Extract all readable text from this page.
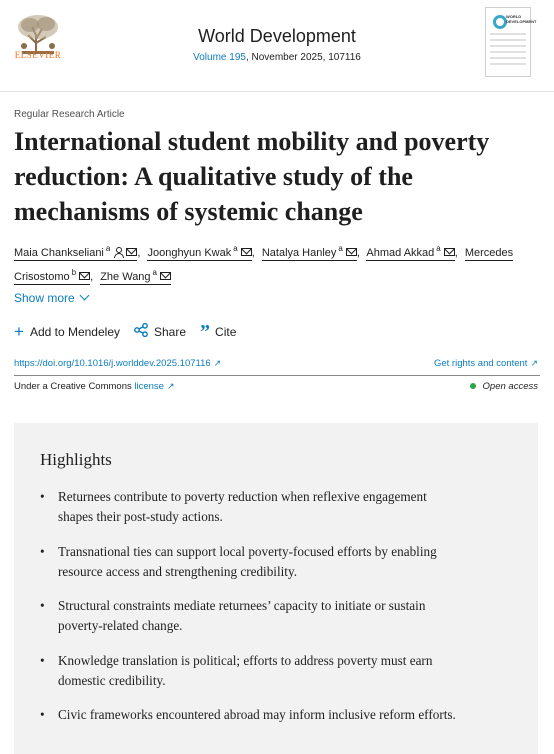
ELSEVIER
World Development
Volume 195, November 2025, 107116
WORLD DEVELOPMENT
Regular Research Article
International student mobility and poverty reduction: A qualitative study of the mechanisms of systemic change
Maia Chankseliani $^a$ , Joonghyun Kwak $^a$ , Natalya Hanley $^a$ , Ahmad Akkad $^a$ , Mercedes Crisostomo $^b$ , Zhe Wang $^a$
Show more
+ Add to Mendeley	Share ” Cite
https://doi.org/10.1016/j.worlddev.2025.107116 ↗	Get rights and content ↗
Under a Creative Commons license ↗	Open access
Highlights
• Returnees contribute to poverty reduction when reflexive engagement shapes their post-study actions.
• Transnational ties can support local poverty-focused efforts by enabling resource access and strengthening credibility.
• Structural constraints mediate returnees’ capacity to initiate or sustain poverty-related change.
• Knowledge translation is political; efforts to address poverty must earn domestic credibility.
• Civic frameworks encountered abroad may inform inclusive reform efforts.
